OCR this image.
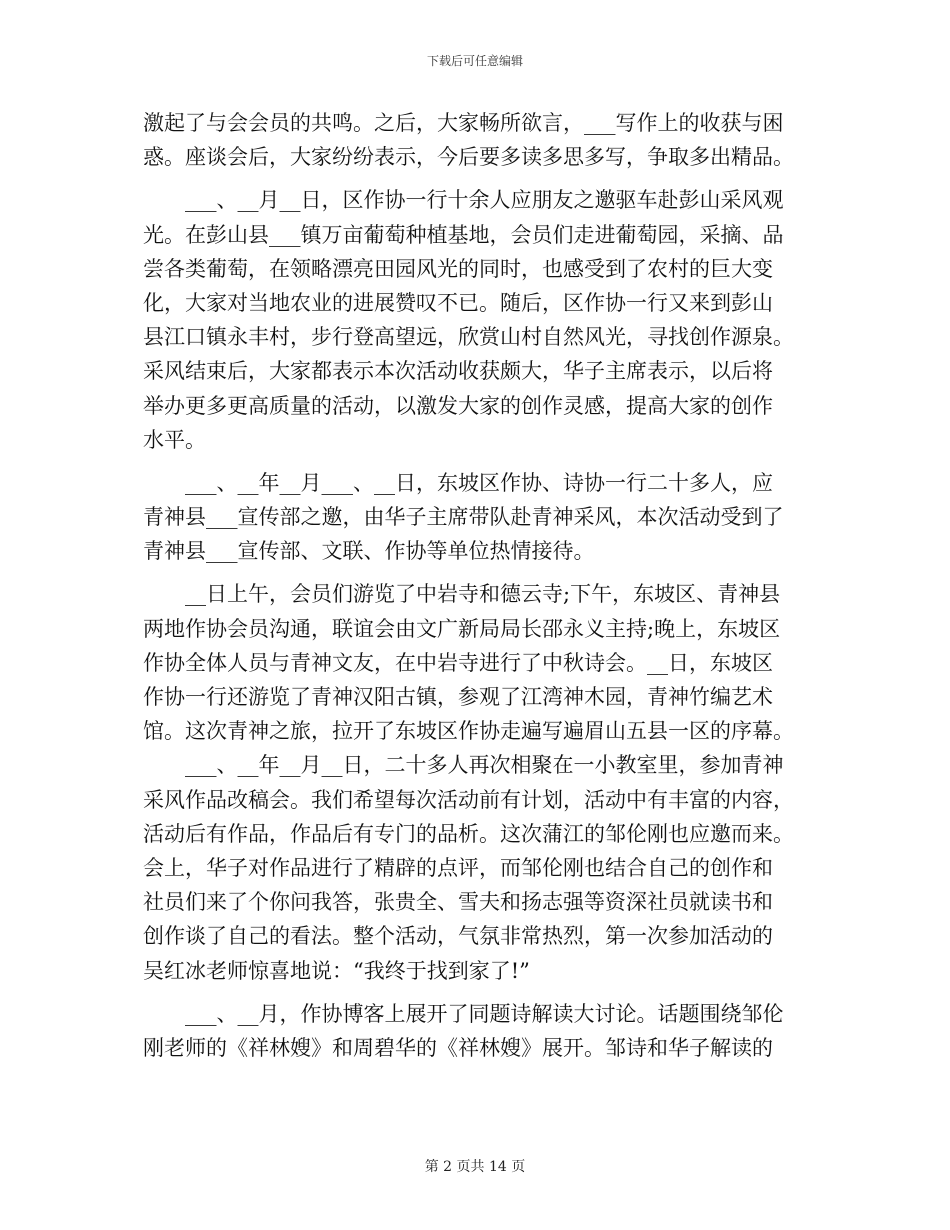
下载后可任意编辑
激起了与会会员的共鸣。之后，大家畅所欲言，___写作上的收获与困
惑。座谈会后，大家纷纷表示，今后要多读多思多写，争取多出精品。
___、__月__日，区作协一行十余人应朋友之邀驱车赴彭山采风观
光。在彭山县___镇万亩葡萄种植基地，会员们走进葡萄园，采摘、品
尝各类葡萄，在领略漂亮田园风光的同时，也感受到了农村的巨大变
化，大家对当地农业的进展赞叹不已。随后，区作协一行又来到彭山
县江口镇永丰村，步行登高望远，欣赏山村自然风光，寻找创作源泉。
采风结束后，大家都表示本次活动收获颇大，华子主席表示，以后将
举办更多更高质量的活动，以激发大家的创作灵感，提高大家的创作
水平。
___、__年__月___、__日，东坡区作协、诗协一行二十多人，应
青神县___宣传部之邀，由华子主席带队赴青神采风，本次活动受到了
青神县___宣传部、文联、作协等单位热情接待。
__日上午，会员们游览了中岩寺和德云寺;下午，东坡区、青神县
两地作协会员沟通，联谊会由文广新局局长邵永义主持;晚上，东坡区
作协全体人员与青神文友，在中岩寺进行了中秋诗会。__日，东坡区
作协一行还游览了青神汉阳古镇，参观了江湾神木园，青神竹编艺术
馆。这次青神之旅，拉开了东坡区作协走遍写遍眉山五县一区的序幕。
___、__年__月__日，二十多人再次相聚在一小教室里，参加青神
采风作品改稿会。我们希望每次活动前有计划，活动中有丰富的内容，
活动后有作品，作品后有专门的品析。这次蒲江的邹伦刚也应邀而来。
会上，华子对作品进行了精辟的点评，而邹伦刚也结合自己的创作和
社员们来了个你问我答，张贵全、雪夫和扬志强等资深社员就读书和
创作谈了自己的看法。整个活动，气氛非常热烈，第一次参加活动的
吴红冰老师惊喜地说：“我终于找到家了!”
___、__月，作协博客上展开了同题诗解读大讨论。话题围绕邹伦
刚老师的《祥林嫂》和周碧华的《祥林嫂》展开。邹诗和华子解读的
第 2 页共 14 页
